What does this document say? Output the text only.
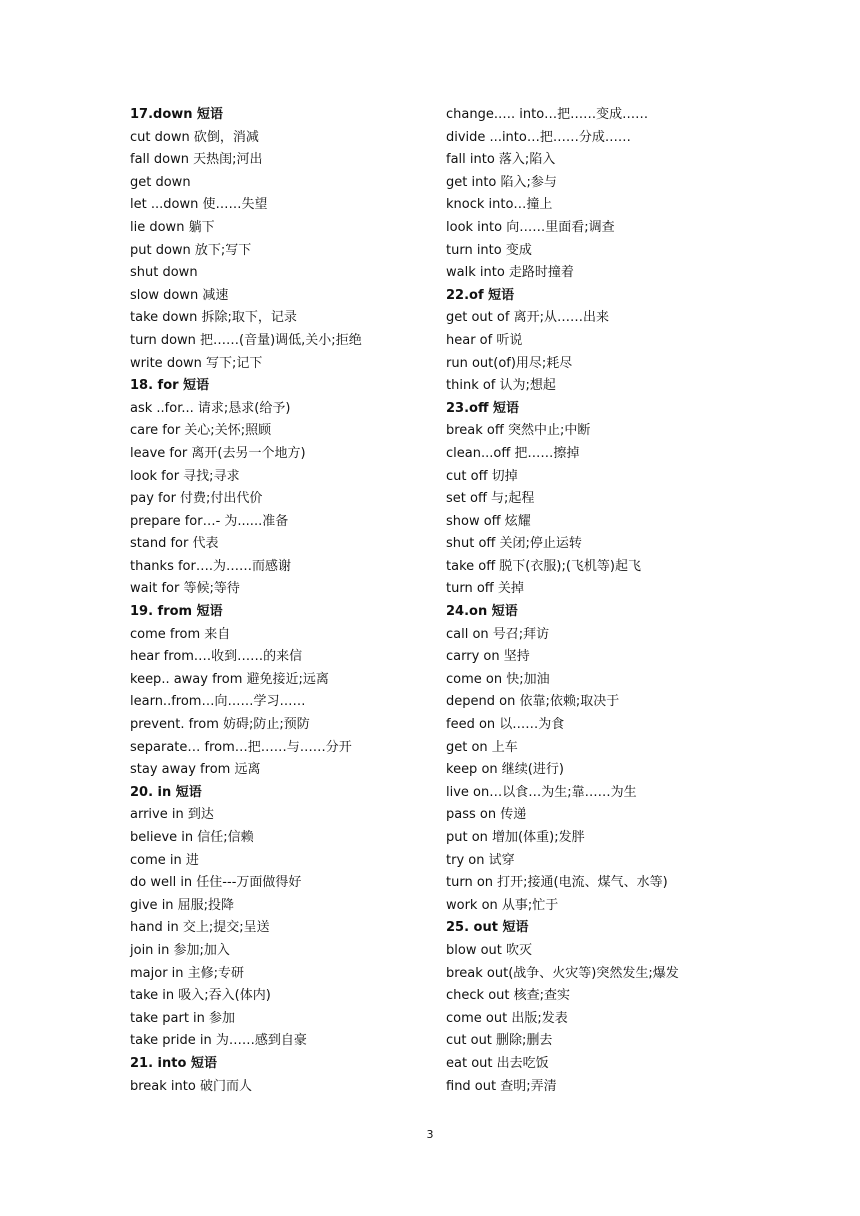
17.down 短语
cut down 砍倒，消减
fall down 天热闺;河出
get down
let ...down 使……失望
lie down 躺下
put down 放下;写下
shut down
slow down 减速
take down 拆除;取下，记录
turn down 把……(音量)调低,关小;拒绝
write down 写下;记下
18. for 短语
ask ..for... 请求;恳求(给予)
care for 关心;关怀;照顾
leave for 离开(去另一个地方)
look for 寻找;寻求
pay for 付费;付出代价
prepare for…- 为......准备
stand for 代表
thanks for….为……而感谢
wait for 等候;等待
19. from 短语
come from 来自
hear from.…收到……的来信
keep.. away from 避免接近;远离
learn..from…向……学习……
prevent. from 妨碍;防止;预防
separate… from…把……与……分开
stay away from 远离
20. in 短语
arrive in 到达
believe in 信任;信赖
come in 进
do well in 任住---万面做得好
give in 屈服;投降
hand in 交上;提交;呈送
join in 参加;加入
major in 主修;专研
take in 吸入;吞入(体内)
take part in 参加
take pride in 为……感到自豪
21. into 短语
break into 破门而人
change.…. into…把……变成……
divide ...into…把……分成……
fall into 落入;陷入
get into 陷入;参与
knock into…撞上
look into 向……里面看;调查
turn into 变成
walk into 走路时撞着
22.of 短语
get out of 离开;从……出来
hear of 听说
run out(of)用尽;耗尽
think of 认为;想起
23.off 短语
break off 突然中止;中断
clean...off 把……擦掉
cut off 切掉
set off 与;起程
show off 炫耀
shut off 关闭;停止运转
take off 脱下(衣服);(飞机等)起飞
turn off 关掉
24.on 短语
call on 号召;拜访
carry on 坚持
come on 快;加油
depend on 依靠;依赖;取决于
feed on 以……为食
get on 上车
keep on 继续(进行)
live on…以食…为生;靠……为生
pass on 传递
put on 增加(体重);发胖
try on 试穿
turn on 打开;接通(电流、煤气、水等)
work on 从事;忙于
25. out 短语
blow out 吹灭
break out(战争、火灾等)突然发生;爆发
check out 核查;查实
come out 出版;发表
cut out 删除;删去
eat out 出去吃饭
find out 查明;弄清
3
